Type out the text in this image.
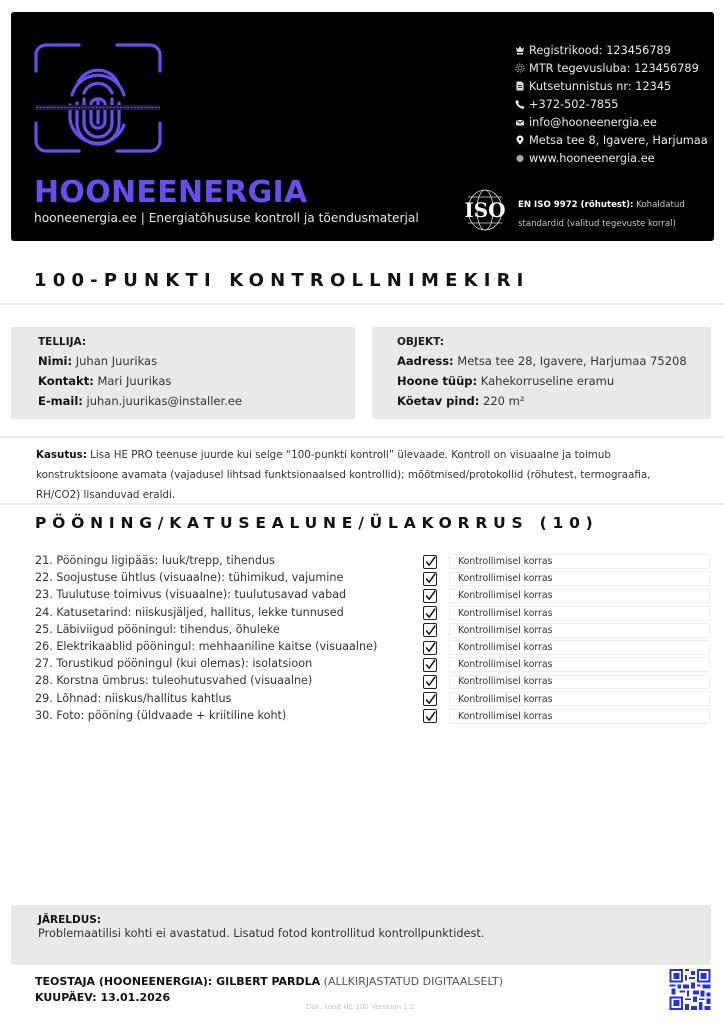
HOONEENERGIA
hooneenergia.ee | Energiatõhususe kontroll ja tõendusmaterjal
Registrikood: 123456789
MTR tegevusluba: 123456789
Kutsetunnistus nr: 12345
+372-502-7855
info@hooneenergia.ee
Metsa tee 8, Igavere, Harjumaa
www.hooneenergia.ee
ISO EN ISO 9972 (röhutest): Kohaldatud standardid (valitud tegevuste korral)
100-PUNKTI KONTROLLNIMEKIRI
TELLIJA:
Nimi: Juhan Juurikas
Kontakt: Mari Juurikas
E-mail: juhan.juurikas@installer.ee
OBJEKT:
Aadress: Metsa tee 28, Igavere, Harjumaa 75208
Hoone tüüp: Kahekorruseline eramu
Köetav pind: 220 m²
Kasutus: Lisa HE PRO teenuse juurde kui selge “100-punkti kontroll” ülevaade. Kontroll on visuaalne ja toimub konstruktsioone avamata (vajadusel lihtsad funktsionaalsed kontrollid); mõõtmised/protokollid (röhutest, termograafia, RH/CO2) lisanduvad eraldi.
PÖÖNING/KATUSEALUNE/ÜLAKORRUS (10)
21. Pööningu ligipääs: luuk/trepp, tihendus
22. Soojustuse ühtlus (visuaalne): tühimikud, vajumine
23. Tuulutuse toimivus (visuaalne): tuulutusavad vabad
24. Katusetarind: niiskusjäljed, hallitus, lekke tunnused
25. Läbiviigud pööningul: tihendus, õhuleke
26. Elektrikaablid pööningul: mehhaaniline kaitse (visuaalne)
27. Torustikud pööningul (kui olemas): isolatsioon
28. Korstna ümbrus: tuleohutusvahed (visuaalne)
29. Lõhnad: niiskus/hallitus kahtlus
30. Foto: pööning (üldvaade + kriitiline koht)
Kontrollimisel korras
Kontrollimisel korras
Kontrollimisel korras
Kontrollimisel korras
Kontrollimisel korras
Kontrollimisel korras
Kontrollimisel korras
Kontrollimisel korras
Kontrollimisel korras
Kontrollimisel korras
JÄRELDUS:
Problemaatilisi kohti ei avastatud. Lisatud fotod kontrollitud kontrollpunktidest.
TEOSTAJA (HOONEENERGIA): GILBERT PARDLA (ALLKIRJASTATUD DIGITAALSELT)
KUUPÄEV: 13.01.2026
Dok. kood HE-100 Versioon 1.2
